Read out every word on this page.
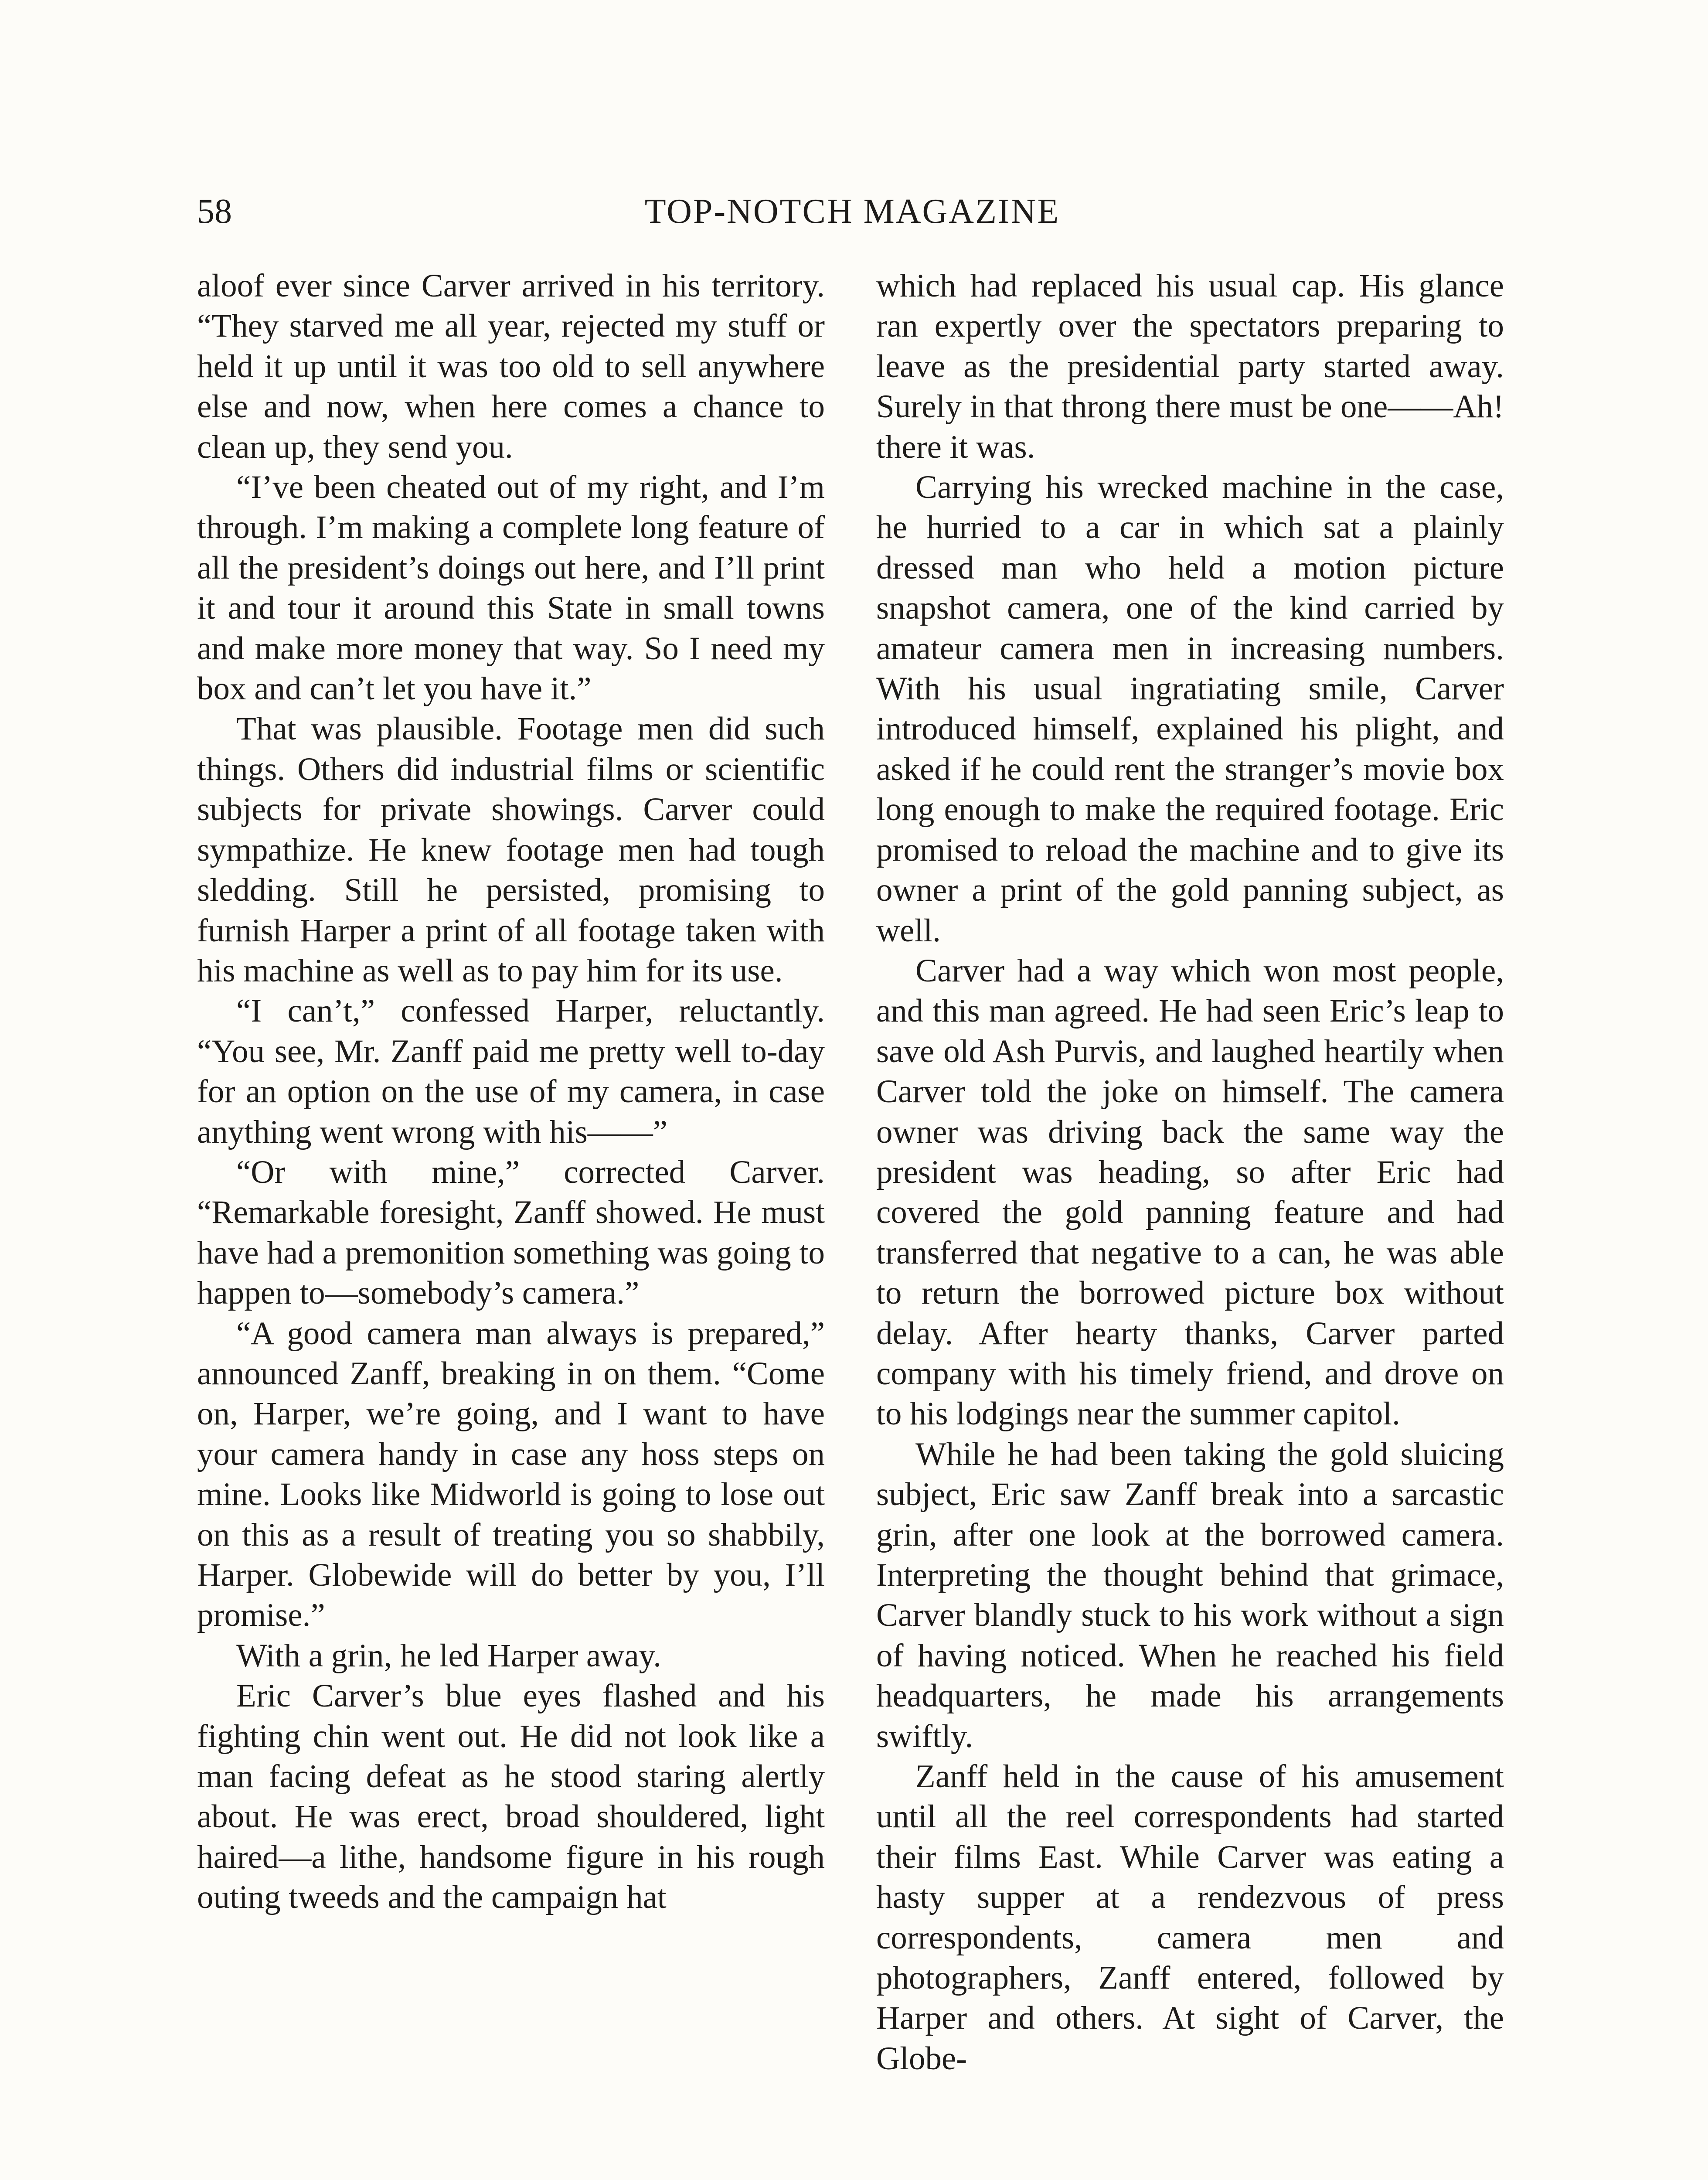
58	TOP-NOTCH MAGAZINE

aloof ever since Carver arrived in his territory. “They starved me all year, rejected my stuff or held it up until it was too old to sell anywhere else and now, when here comes a chance to clean up, they send you.

“I’ve been cheated out of my right, and I’m through. I’m making a complete long feature of all the president’s doings out here, and I’ll print it and tour it around this State in small towns and make more money that way. So I need my box and can’t let you have it.”

That was plausible. Footage men did such things. Others did industrial films or scientific subjects for private showings. Carver could sympathize. He knew footage men had tough sledding. Still he persisted, promising to furnish Harper a print of all footage taken with his machine as well as to pay him for its use.

“I can’t,” confessed Harper, reluctantly. “You see, Mr. Zanff paid me pretty well to-day for an option on the use of my camera, in case anything went wrong with his——”

“Or with mine,” corrected Carver. “Remarkable foresight, Zanff showed. He must have had a premonition something was going to happen to—somebody’s camera.”

“A good camera man always is prepared,” announced Zanff, breaking in on them. “Come on, Harper, we’re going, and I want to have your camera handy in case any hoss steps on mine. Looks like Midworld is going to lose out on this as a result of treating you so shabbily, Harper. Globewide will do better by you, I’ll promise.”

With a grin, he led Harper away.

Eric Carver’s blue eyes flashed and his fighting chin went out. He did not look like a man facing defeat as he stood staring alertly about. He was erect, broad shouldered, light haired—a lithe, handsome figure in his rough outing tweeds and the campaign hat

which had replaced his usual cap. His glance ran expertly over the spectators preparing to leave as the presidential party started away. Surely in that throng there must be one——Ah! there it was.

Carrying his wrecked machine in the case, he hurried to a car in which sat a plainly dressed man who held a motion picture snapshot camera, one of the kind carried by amateur camera men in increasing numbers. With his usual ingratiating smile, Carver introduced himself, explained his plight, and asked if he could rent the stranger’s movie box long enough to make the required footage. Eric promised to reload the machine and to give its owner a print of the gold panning subject, as well.

Carver had a way which won most people, and this man agreed. He had seen Eric’s leap to save old Ash Purvis, and laughed heartily when Carver told the joke on himself. The camera owner was driving back the same way the president was heading, so after Eric had covered the gold panning feature and had transferred that negative to a can, he was able to return the borrowed picture box without delay. After hearty thanks, Carver parted company with his timely friend, and drove on to his lodgings near the summer capitol.

While he had been taking the gold sluicing subject, Eric saw Zanff break into a sarcastic grin, after one look at the borrowed camera. Interpreting the thought behind that grimace, Carver blandly stuck to his work without a sign of having noticed. When he reached his field headquarters, he made his arrangements swiftly.

Zanff held in the cause of his amusement until all the reel correspondents had started their films East. While Carver was eating a hasty supper at a rendezvous of press correspondents, camera men and photographers, Zanff entered, followed by Harper and others. At sight of Carver, the Globe-
